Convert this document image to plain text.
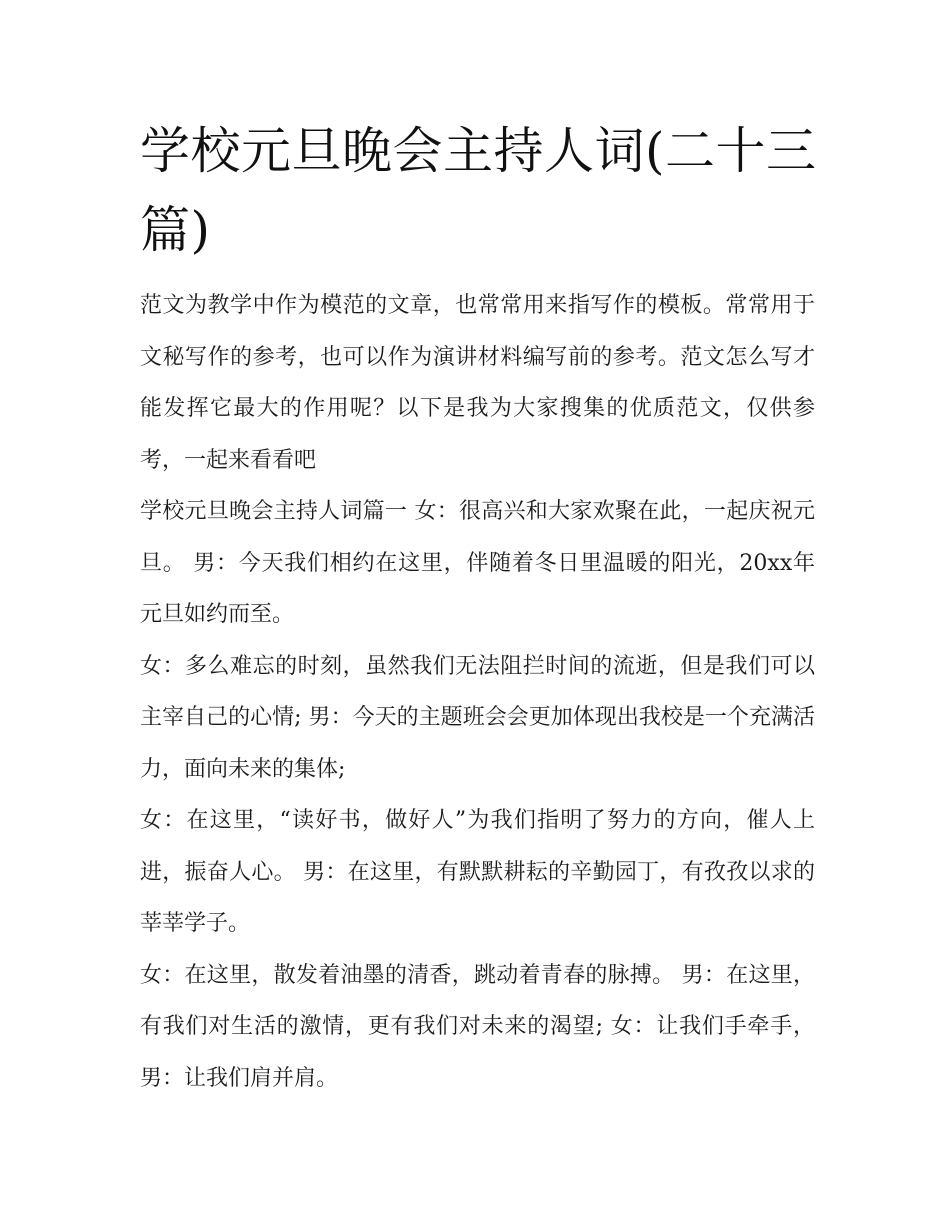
学校元旦晚会主持人词(二十三篇)

范文为教学中作为模范的文章，也常常用来指写作的模板。常常用于文秘写作的参考，也可以作为演讲材料编写前的参考。范文怎么写才能发挥它最大的作用呢？以下是我为大家搜集的优质范文，仅供参考，一起来看看吧

学校元旦晚会主持人词篇一 女：很高兴和大家欢聚在此，一起庆祝元旦。 男：今天我们相约在这里，伴随着冬日里温暖的阳光，20xx年元旦如约而至。

女：多么难忘的时刻，虽然我们无法阻拦时间的流逝，但是我们可以主宰自己的心情; 男：今天的主题班会会更加体现出我校是一个充满活力，面向未来的集体;

女：在这里，“读好书，做好人”为我们指明了努力的方向，催人上进，振奋人心。 男：在这里，有默默耕耘的辛勤园丁，有孜孜以求的莘莘学子。

女：在这里，散发着油墨的清香，跳动着青春的脉搏。 男：在这里，有我们对生活的激情，更有我们对未来的渴望; 女：让我们手牵手， 男：让我们肩并肩。
